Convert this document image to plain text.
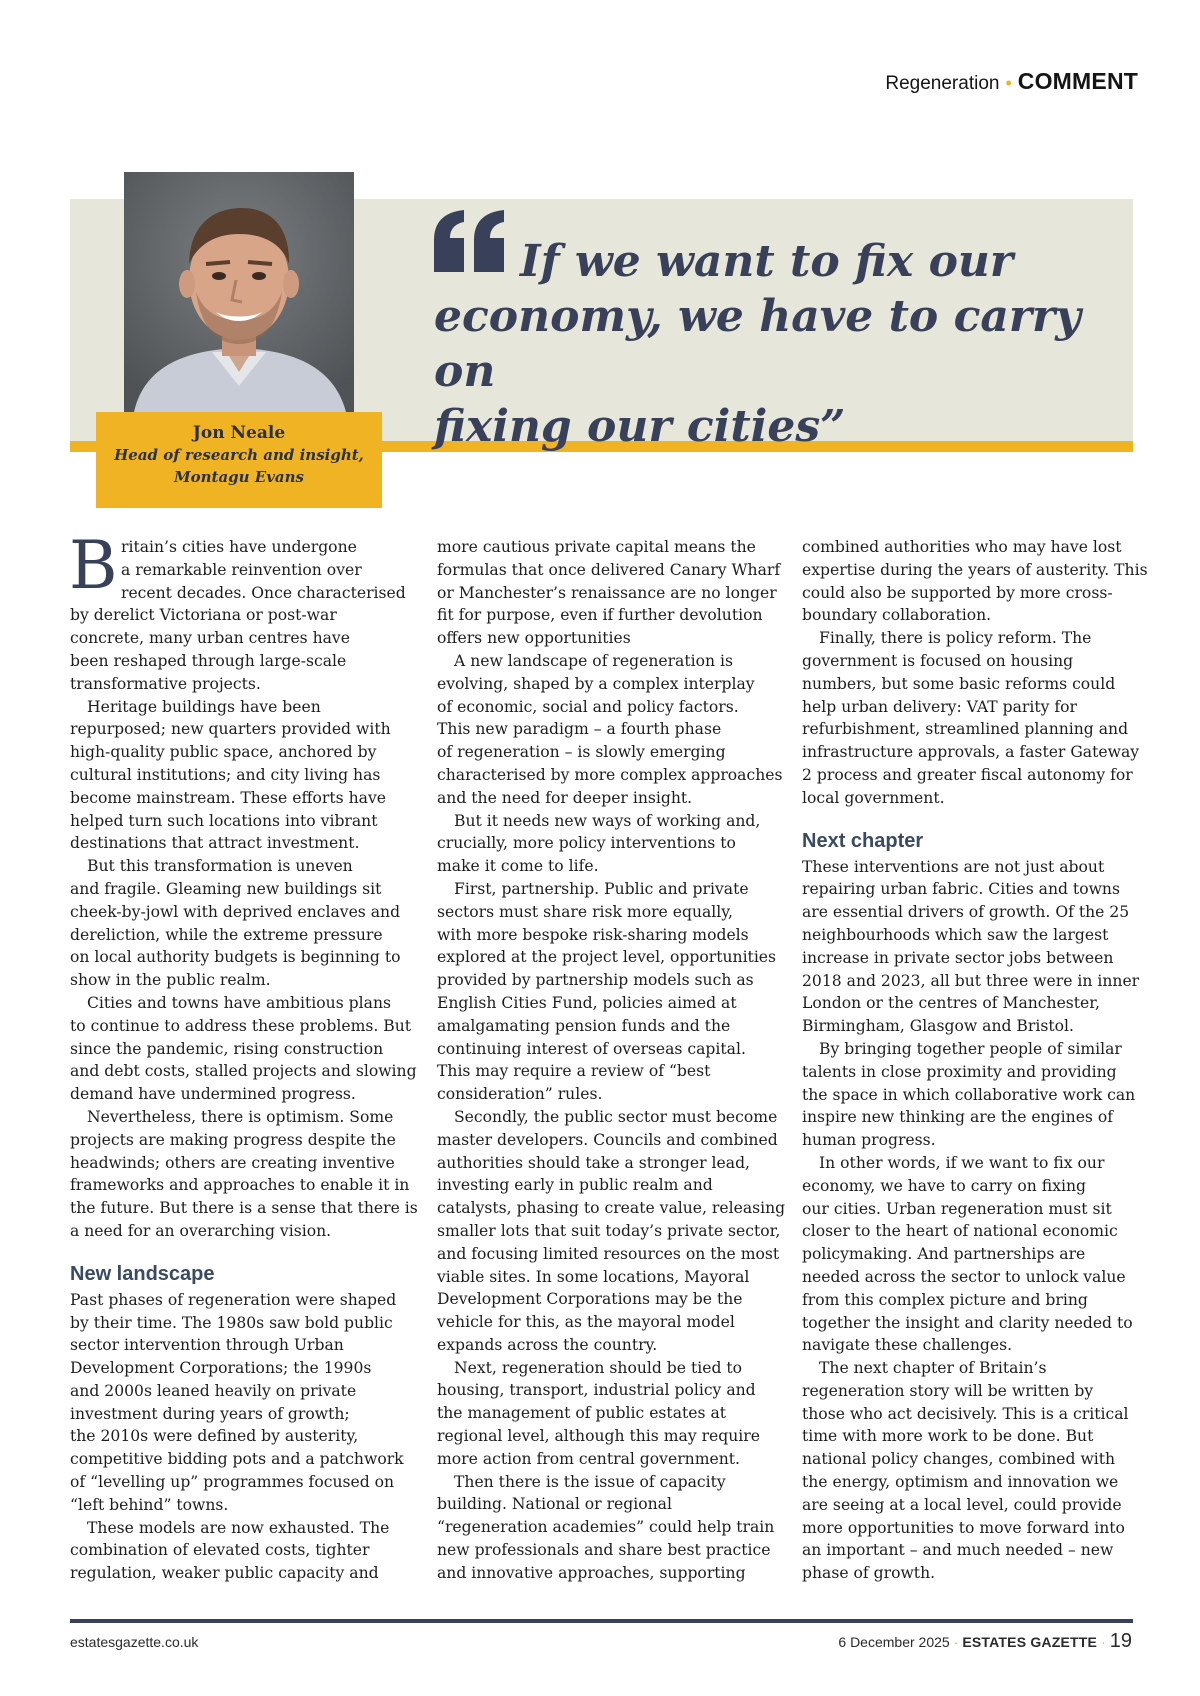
Regeneration • COMMENT
Jon Neale
Head of research and insight,
Montagu Evans
If we want to fix our
economy, we have to carry on
fixing our cities”
B ritain’s cities have undergone
a remarkable reinvention over
recent decades. Once characterised
by derelict Victoriana or post-war
concrete, many urban centres have
been reshaped through large-scale
transformative projects.
Heritage buildings have been
repurposed; new quarters provided with
high-quality public space, anchored by
cultural institutions; and city living has
become mainstream. These efforts have
helped turn such locations into vibrant
destinations that attract investment.
But this transformation is uneven
and fragile. Gleaming new buildings sit
cheek-by-jowl with deprived enclaves and
dereliction, while the extreme pressure
on local authority budgets is beginning to
show in the public realm.
Cities and towns have ambitious plans
to continue to address these problems. But
since the pandemic, rising construction
and debt costs, stalled projects and slowing
demand have undermined progress.
Nevertheless, there is optimism. Some
projects are making progress despite the
headwinds; others are creating inventive
frameworks and approaches to enable it in
the future. But there is a sense that there is
a need for an overarching vision.
New landscape
Past phases of regeneration were shaped
by their time. The 1980s saw bold public
sector intervention through Urban
Development Corporations; the 1990s
and 2000s leaned heavily on private
investment during years of growth;
the 2010s were defined by austerity,
competitive bidding pots and a patchwork
of “levelling up” programmes focused on
“left behind” towns.
These models are now exhausted. The
combination of elevated costs, tighter
regulation, weaker public capacity and
more cautious private capital means the
formulas that once delivered Canary Wharf
or Manchester’s renaissance are no longer
fit for purpose, even if further devolution
offers new opportunities
A new landscape of regeneration is
evolving, shaped by a complex interplay
of economic, social and policy factors.
This new paradigm – a fourth phase
of regeneration – is slowly emerging
characterised by more complex approaches
and the need for deeper insight.
But it needs new ways of working and,
crucially, more policy interventions to
make it come to life.
First, partnership. Public and private
sectors must share risk more equally,
with more bespoke risk-sharing models
explored at the project level, opportunities
provided by partnership models such as
English Cities Fund, policies aimed at
amalgamating pension funds and the
continuing interest of overseas capital.
This may require a review of “best
consideration” rules.
Secondly, the public sector must become
master developers. Councils and combined
authorities should take a stronger lead,
investing early in public realm and
catalysts, phasing to create value, releasing
smaller lots that suit today’s private sector,
and focusing limited resources on the most
viable sites. In some locations, Mayoral
Development Corporations may be the
vehicle for this, as the mayoral model
expands across the country.
Next, regeneration should be tied to
housing, transport, industrial policy and
the management of public estates at
regional level, although this may require
more action from central government.
Then there is the issue of capacity
building. National or regional
“regeneration academies” could help train
new professionals and share best practice
and innovative approaches, supporting
combined authorities who may have lost
expertise during the years of austerity. This
could also be supported by more cross-
boundary collaboration.
Finally, there is policy reform. The
government is focused on housing
numbers, but some basic reforms could
help urban delivery: VAT parity for
refurbishment, streamlined planning and
infrastructure approvals, a faster Gateway
2 process and greater fiscal autonomy for
local government.
Next chapter
These interventions are not just about
repairing urban fabric. Cities and towns
are essential drivers of growth. Of the 25
neighbourhoods which saw the largest
increase in private sector jobs between
2018 and 2023, all but three were in inner
London or the centres of Manchester,
Birmingham, Glasgow and Bristol.
By bringing together people of similar
talents in close proximity and providing
the space in which collaborative work can
inspire new thinking are the engines of
human progress.
In other words, if we want to fix our
economy, we have to carry on fixing
our cities. Urban regeneration must sit
closer to the heart of national economic
policymaking. And partnerships are
needed across the sector to unlock value
from this complex picture and bring
together the insight and clarity needed to
navigate these challenges.
The next chapter of Britain’s
regeneration story will be written by
those who act decisively. This is a critical
time with more work to be done. But
national policy changes, combined with
the energy, optimism and innovation we
are seeing at a local level, could provide
more opportunities to move forward into
an important – and much needed – new
phase of growth.
estatesgazette.co.uk	6 December 2025 · ESTATES GAZETTE · 19
